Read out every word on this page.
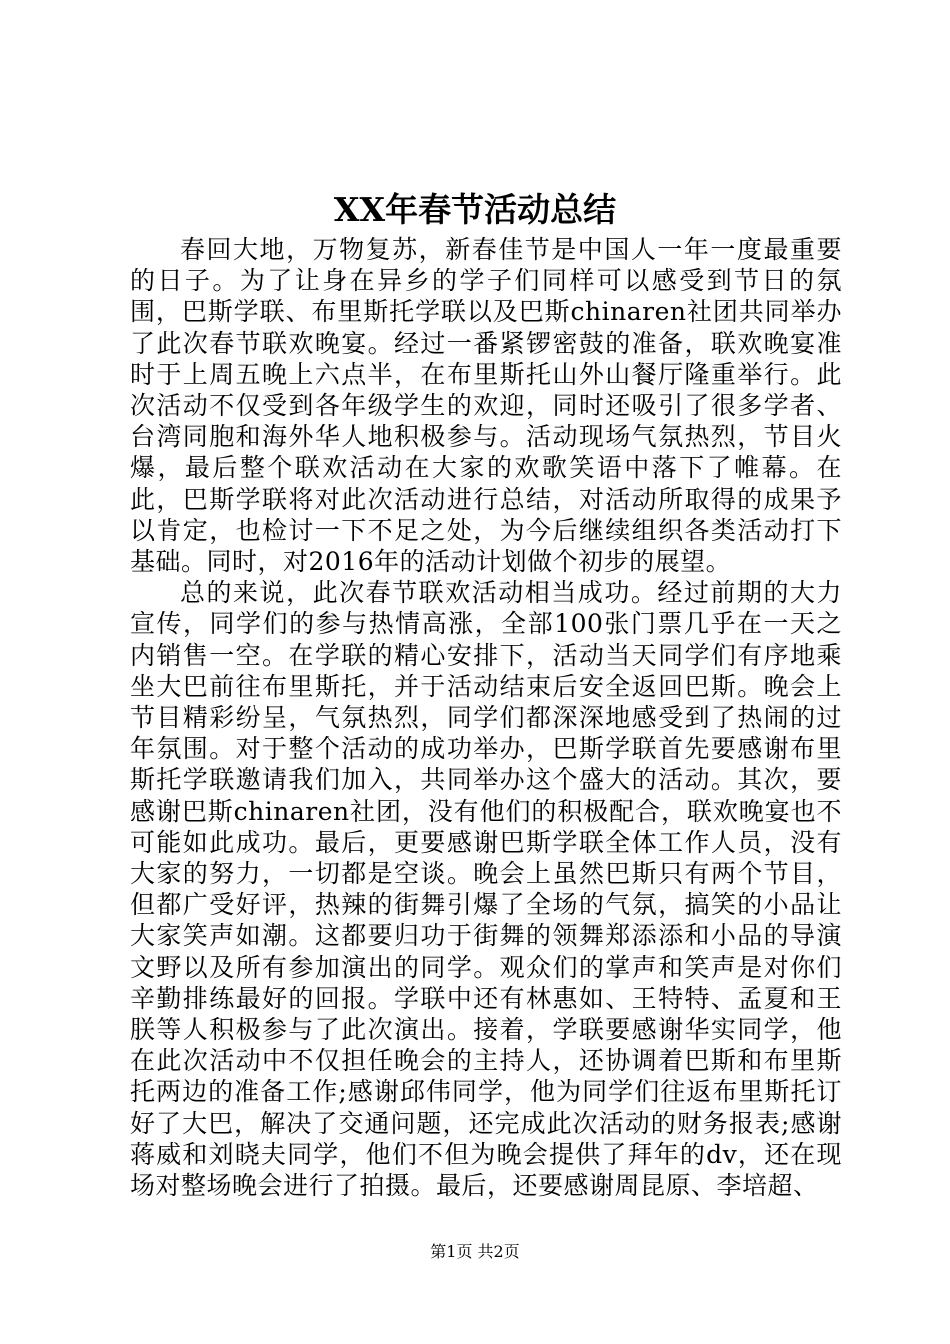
XX年春节活动总结

春回大地，万物复苏，新春佳节是中国人一年一度最重要的日子。为了让身在异乡的学子们同样可以感受到节日的氛围，巴斯学联、布里斯托学联以及巴斯chinaren社团共同举办了此次春节联欢晚宴。经过一番紧锣密鼓的准备，联欢晚宴准时于上周五晚上六点半，在布里斯托山外山餐厅隆重举行。此次活动不仅受到各年级学生的欢迎，同时还吸引了很多学者、台湾同胞和海外华人地积极参与。活动现场气氛热烈，节目火爆，最后整个联欢活动在大家的欢歌笑语中落下了帷幕。在此，巴斯学联将对此次活动进行总结，对活动所取得的成果予以肯定，也检讨一下不足之处，为今后继续组织各类活动打下基础。同时，对2016年的活动计划做个初步的展望。

总的来说，此次春节联欢活动相当成功。经过前期的大力宣传，同学们的参与热情高涨，全部100张门票几乎在一天之内销售一空。在学联的精心安排下，活动当天同学们有序地乘坐大巴前往布里斯托，并于活动结束后安全返回巴斯。晚会上节目精彩纷呈，气氛热烈，同学们都深深地感受到了热闹的过年氛围。对于整个活动的成功举办，巴斯学联首先要感谢布里斯托学联邀请我们加入，共同举办这个盛大的活动。其次，要感谢巴斯chinaren社团，没有他们的积极配合，联欢晚宴也不可能如此成功。最后，更要感谢巴斯学联全体工作人员，没有大家的努力，一切都是空谈。晚会上虽然巴斯只有两个节目，但都广受好评，热辣的街舞引爆了全场的气氛，搞笑的小品让大家笑声如潮。这都要归功于街舞的领舞郑添添和小品的导演文野以及所有参加演出的同学。观众们的掌声和笑声是对你们辛勤排练最好的回报。学联中还有林惠如、王特特、孟夏和王朕等人积极参与了此次演出。接着，学联要感谢华实同学，他在此次活动中不仅担任晚会的主持人，还协调着巴斯和布里斯托两边的准备工作;感谢邱伟同学，他为同学们往返布里斯托订好了大巴，解决了交通问题，还完成此次活动的财务报表;感谢蒋威和刘晓夫同学，他们不但为晚会提供了拜年的dv，还在现场对整场晚会进行了拍摄。最后，还要感谢周昆原、李培超、

第1页 共2页
